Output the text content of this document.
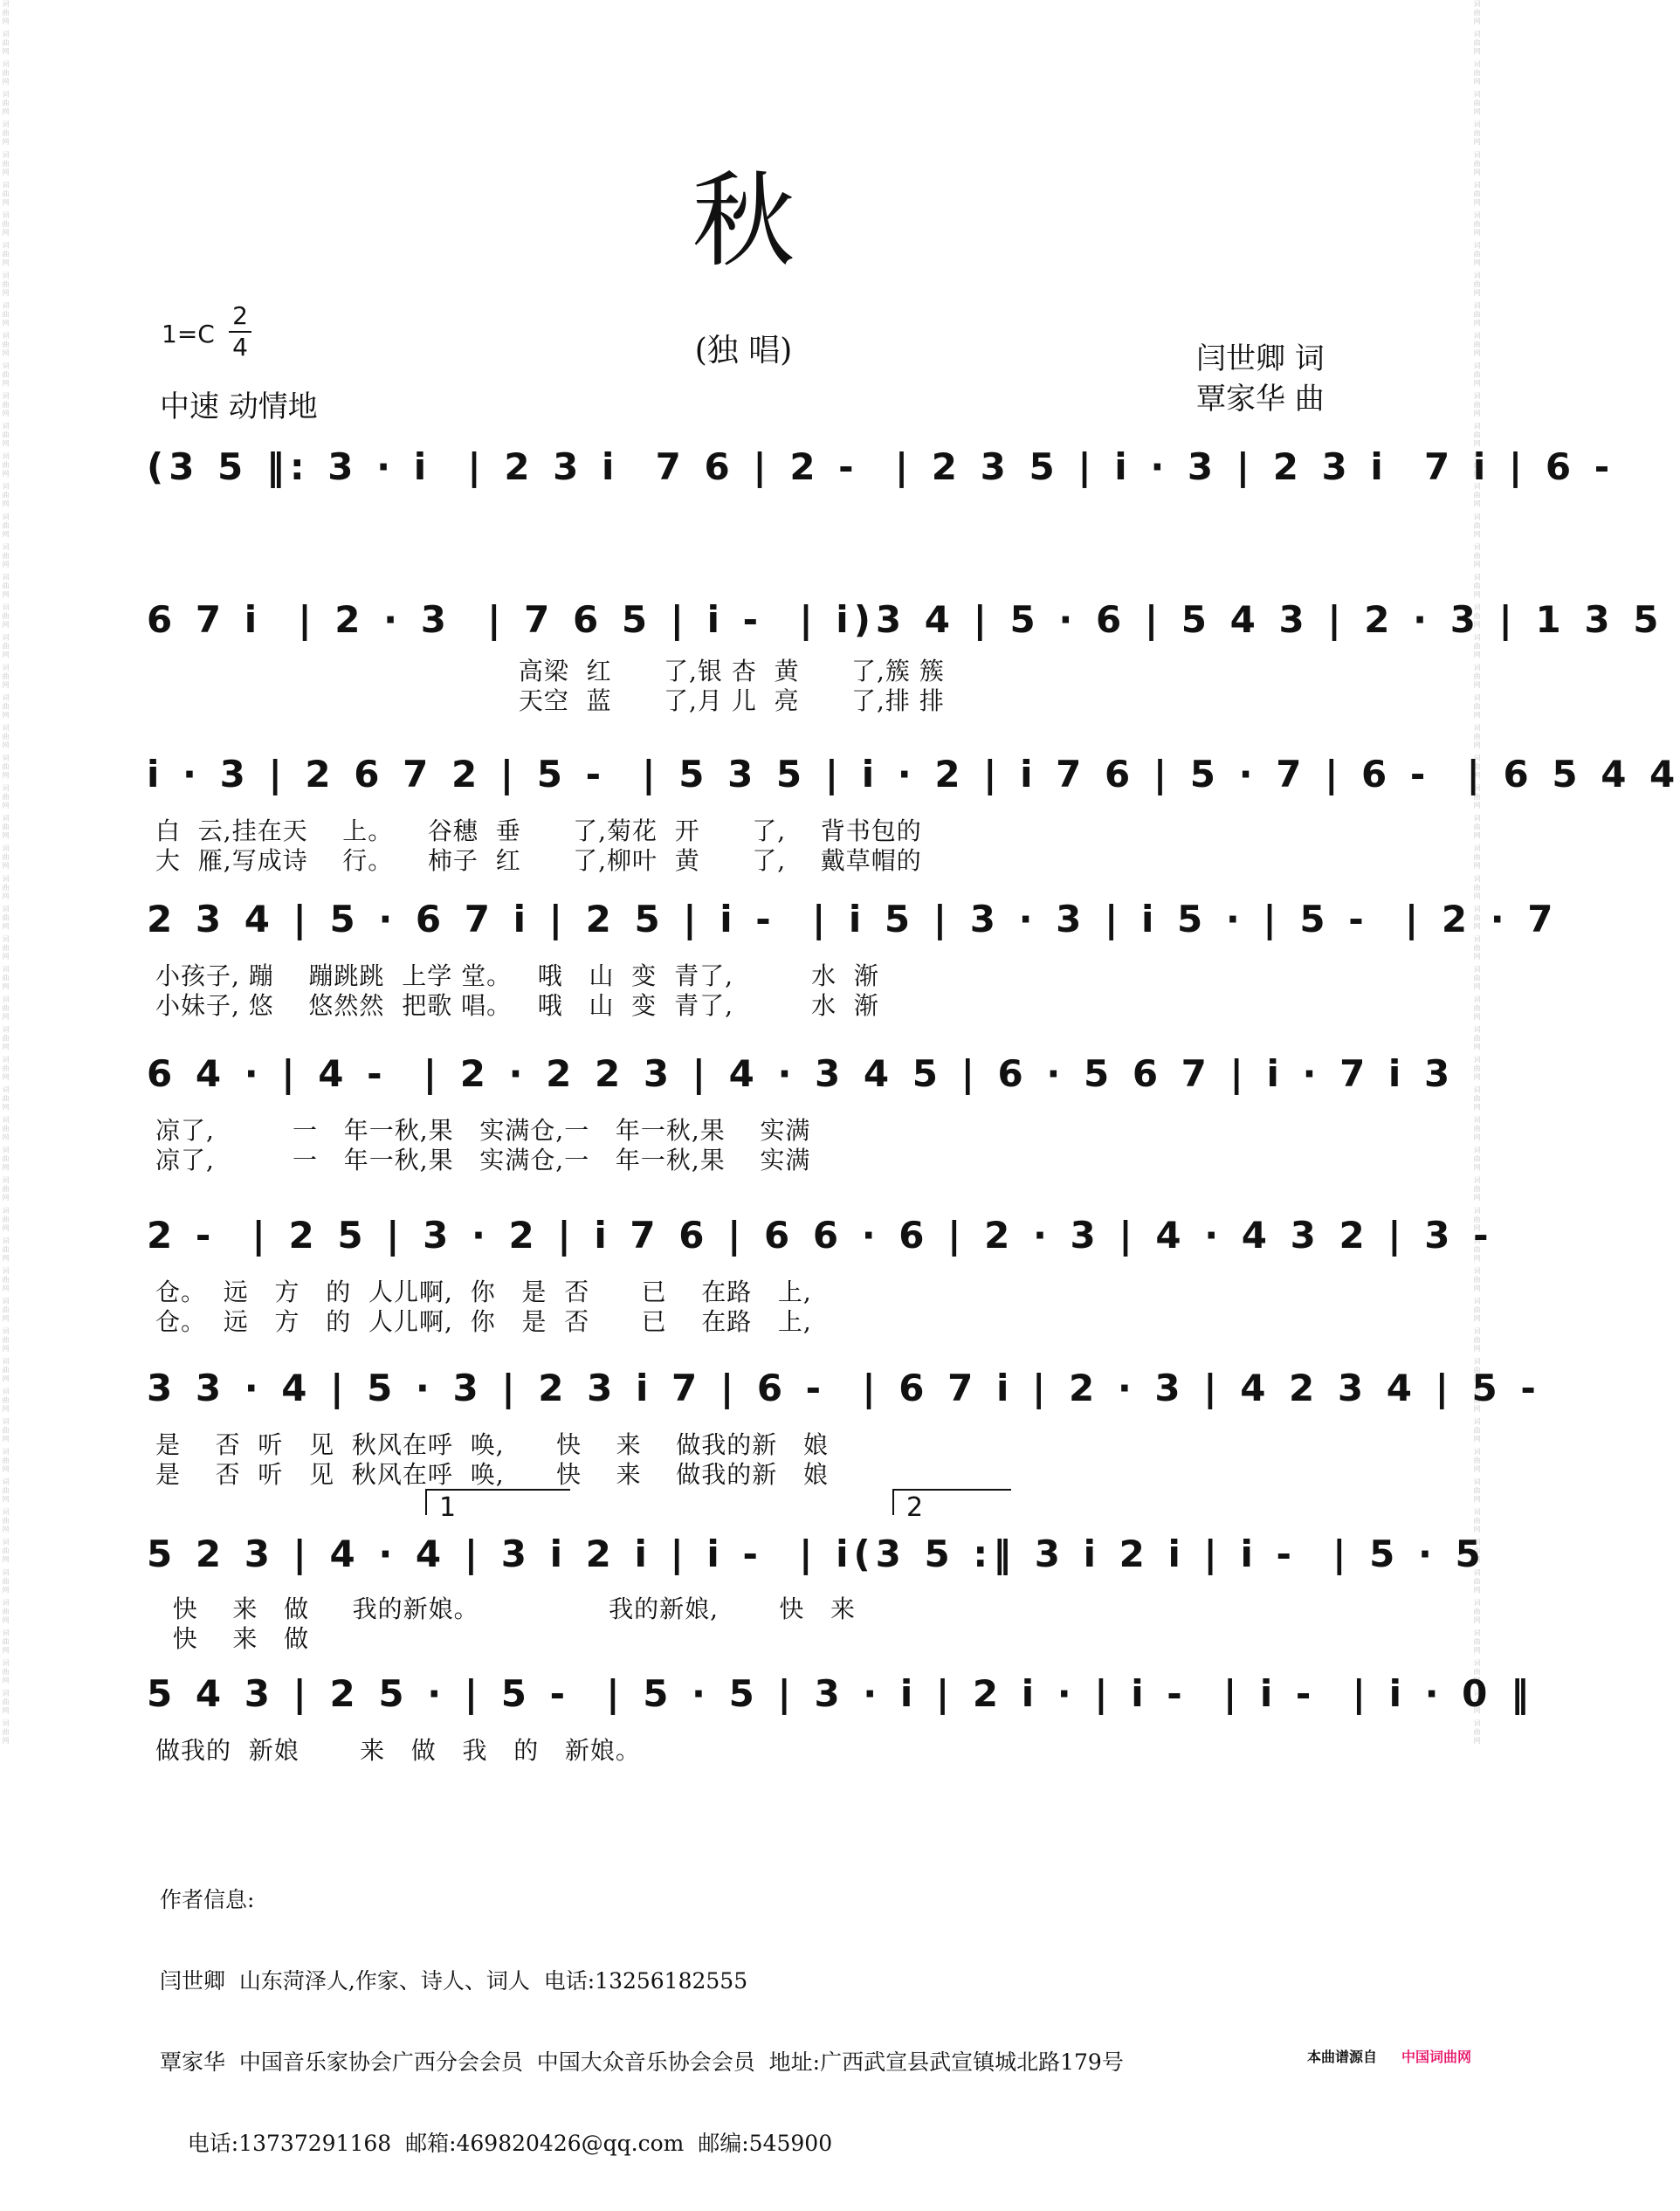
词曲网 词曲网 词曲网 词曲网 词曲网 词曲网 词曲网 词曲网 词曲网 词曲网 词曲网 词曲网 词曲网 词曲网 词曲网 词曲网 词曲网 词曲网 词曲网 词曲网 词曲网 词曲网 词曲网 词曲网 词曲网 词曲网 词曲网 词曲网 词曲网 词曲网 词曲网 词曲网 词曲网 词曲网 词曲网 词曲网 词曲网 词曲网 词曲网 词曲网 词曲网 词曲网 词曲网 词曲网 词曲网 词曲网 词曲网 词曲网 词曲网 词曲网 词曲网 词曲网 词曲网 词曲网 词曲网 词曲网 词曲网 词曲网	词曲网 词曲网 词曲网 词曲网 词曲网 词曲网 词曲网 词曲网 词曲网 词曲网 词曲网 词曲网 词曲网 词曲网 词曲网 词曲网 词曲网 词曲网 词曲网 词曲网 词曲网 词曲网 词曲网 词曲网 词曲网 词曲网 词曲网 词曲网 词曲网 词曲网 词曲网 词曲网 词曲网 词曲网 词曲网 词曲网 词曲网 词曲网 词曲网 词曲网 词曲网 词曲网 词曲网 词曲网 词曲网 词曲网 词曲网 词曲网 词曲网 词曲网 词曲网 词曲网 词曲网 词曲网 词曲网 词曲网 词曲网 词曲网
秋
(独 唱)
1=C
2
4
中速 动情地
闫世卿 词
覃家华 曲
(3 5 ‖: 3 · i  | 2 3 i  7 6 | 2 -  | 2 3 5 | i · 3 | 2 3 i  7 i | 6 -
6 7 i  | 2 · 3  | 7 6 5 | i -  | i)3 4 | 5 · 6 | 5 4 3 | 2 · 3 | 1 3 5
高梁  红      了,银 杏  黄      了,簇 簇
天空  蓝      了,月 儿  亮      了,排 排
i · 3 | 2 6 7 2 | 5 -  | 5 3 5 | i · 2 | i 7 6 | 5 · 7 | 6 -  | 6 5 4 4
白  云,挂在天    上。    谷穗  垂      了,菊花  开      了,    背书包的
大  雁,写成诗    行。    柿子  红      了,柳叶  黄      了,    戴草帽的
2 3 4 | 5 · 6 7 i | 2 5 | i -  | i 5 | 3 · 3 | i 5 · | 5 -  | 2 · 7
小孩子, 蹦    蹦跳跳  上学 堂。   哦   山  变  青了,         水  渐
小妹子, 悠    悠然然  把歌 唱。   哦   山  变  青了,         水  渐
6 4 · | 4 -  | 2 · 2 2 3 | 4 · 3 4 5 | 6 · 5 6 7 | i · 7 i 3
凉了,         一   年一秋,果   实满仓,一   年一秋,果    实满
凉了,         一   年一秋,果   实满仓,一   年一秋,果    实满
2 -  | 2 5 | 3 · 2 | i 7 6 | 6 6 · 6 | 2 · 3 | 4 · 4 3 2 | 3 -
仓。  远   方   的  人儿啊,  你   是  否      已    在路   上,
仓。  远   方   的  人儿啊,  你   是  否      已    在路   上,
3 3 · 4 | 5 · 3 | 2 3 i 7 | 6 -  | 6 7 i | 2 · 3 | 4 2 3 4 | 5 -
是    否  听   见  秋风在呼  唤,      快    来    做我的新   娘
是    否  听   见  秋风在呼  唤,      快    来    做我的新   娘
1	2
5 2 3 | 4 · 4 | 3 i 2 i | i -  | i(3 5 :‖ 3 i 2 i | i -  | 5 · 5
快    来   做     我的新娘。               我的新娘,       快   来
快    来   做
5 4 3 | 2 5 · | 5 -  | 5 · 5 | 3 · i | 2 i · | i -  | i -  | i · 0 ‖
做我的  新娘       来   做   我   的   新娘。

作者信息:

闫世卿  山东菏泽人,作家、诗人、词人  电话:13256182555

覃家华  中国音乐家协会广西分会会员  中国大众音乐协会会员  地址:广西武宣县武宣镇城北路179号

电话:13737291168  邮箱:469820426@qq.com  邮编:545900

本曲谱源自 中国词曲网
